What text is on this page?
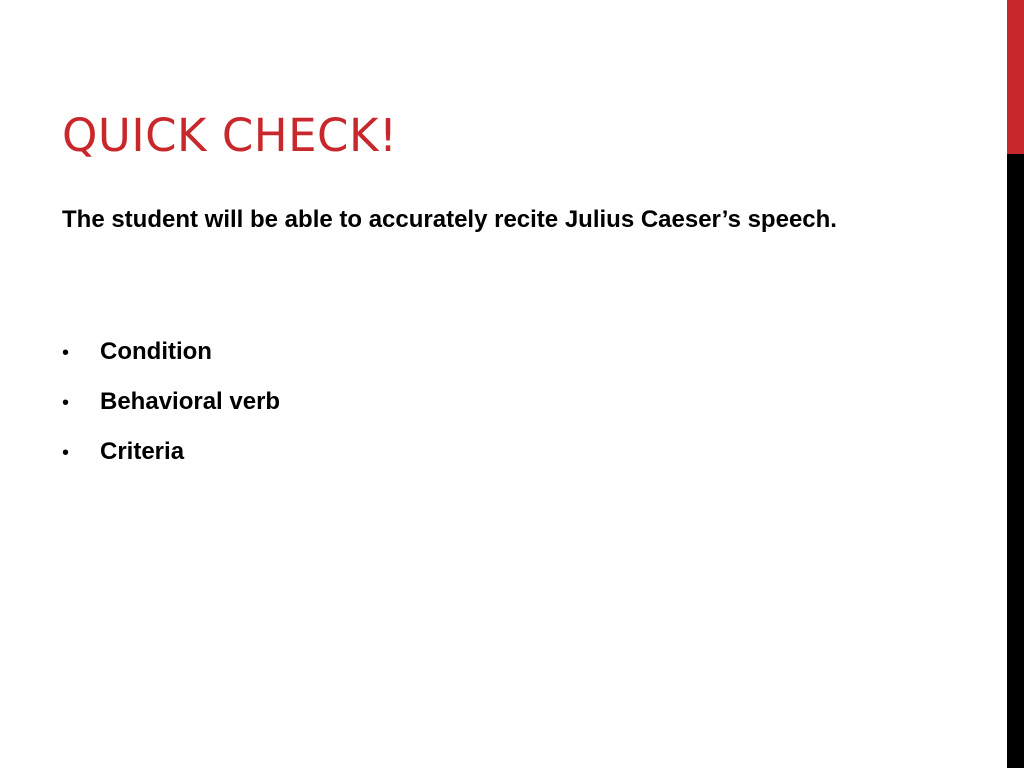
QUICK CHECK!

The student will be able to accurately recite Julius Caeser’s speech.

•	Condition
•	Behavioral verb
•	Criteria
